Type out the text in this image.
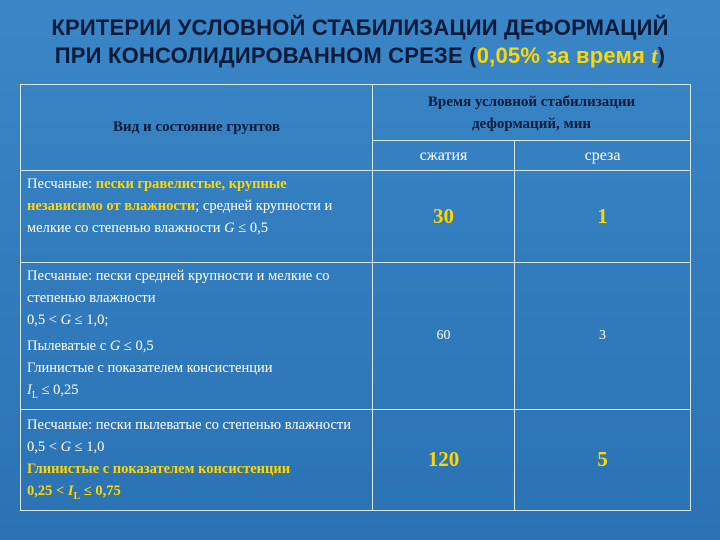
КРИТЕРИИ УСЛОВНОЙ СТАБИЛИЗАЦИИ ДЕФОРМАЦИЙ
ПРИ КОНСОЛИДИРОВАННОМ СРЕЗЕ (0,05% за время t)
Вид и состояние грунтов	Время условной стабилизации деформаций, мин	
	сжатия	среза
Песчаные: пески гравелистые, крупные независимо от влажности; средней крупности и мелкие со степенью влажности G ≤ 0,5	30	1

Песчаные: пески средней крупности и мелкие со степенью влажности
0,5 < G ≤ 1,0;
Пылеватые с G ≤ 0,5
Глинистые с показателем консистенции
$I_L \le 0,25$	60	3

Песчаные: пески пылеватые со степенью влажности 0,5 < G ≤ 1,0
Глинистые с показателем консистенции
$0,25 < I_L \le 0,75$	120	5
